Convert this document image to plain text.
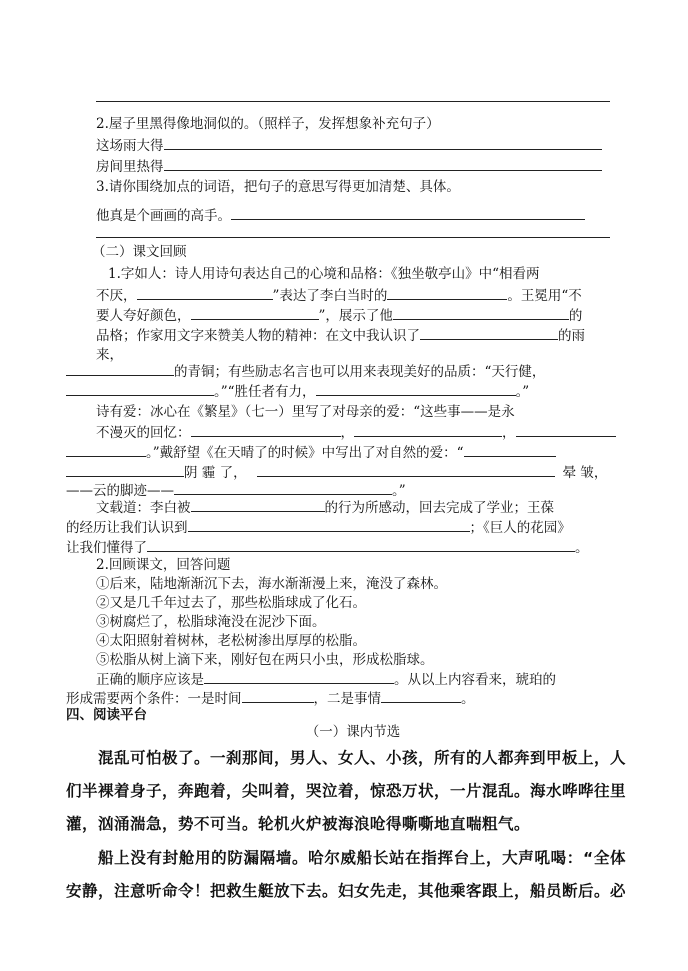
2.屋子里黑得像地洞似的。（照样子，发挥想象补充句子）
这场雨大得
房间里热得
3.请你围绕加点的词语，把句子的意思写得更加清楚、具体。
他真是个画画的高手。
（二）课文回顾
1.字如人：诗人用诗句表达自己的心境和品格：《独坐敬亭山》中“相看两
不厌，	”表达了李白当时的	。王冕用“不
要人夸好颜色，	”，展示了他	的
品格；作家用文字来赞美人物的精神：在文中我认识了	的雨
来，
的青铜；有些励志名言也可以用来表现美好的品质：“天行健，
。”“胜任者有力，	。”
诗有爱：冰心在《繁星》（七一）里写了对母亲的爱：“这些事——是永
不漫灭的回忆：	，	，
。”戴舒望《在天晴了的时候》中写出了对自然的爱：“
阴 霾 了，	晕 皱，
——云的脚迹——	。”
文载道：李白被	的行为所感动，回去完成了学业；王葆
的经历让我们认识到	；《巨人的花园》
让我们懂得了	。
2.回顾课文，回答问题
①后来，陆地渐渐沉下去，海水渐渐漫上来，淹没了森林。
②又是几千年过去了，那些松脂球成了化石。
③树腐烂了，松脂球淹没在泥沙下面。
④太阳照射着树林，老松树渗出厚厚的松脂。
⑤松脂从树上滴下来，刚好包在两只小虫，形成松脂球。
正确的顺序应该是	。从以上内容看来，琥珀的
形成需要两个条件：一是时间	，二是事情	。
四、阅读平台
（一）课内节选
混乱可怕极了。一刹那间，男人、女人、小孩，所有的人都奔到甲板上，人们半裸着身子，奔跑着，尖叫着，哭泣着，惊恐万状，一片混乱。海水哗哗往里灌，汹涌湍急，势不可当。轮机火炉被海浪呛得嘶嘶地直喘粗气。
船上没有封舱用的防漏隔墙。哈尔威船长站在指挥台上，大声吼喝：“全体安静，注意听命令！把救生艇放下去。妇女先走，其他乘客跟上，船员断后。必
